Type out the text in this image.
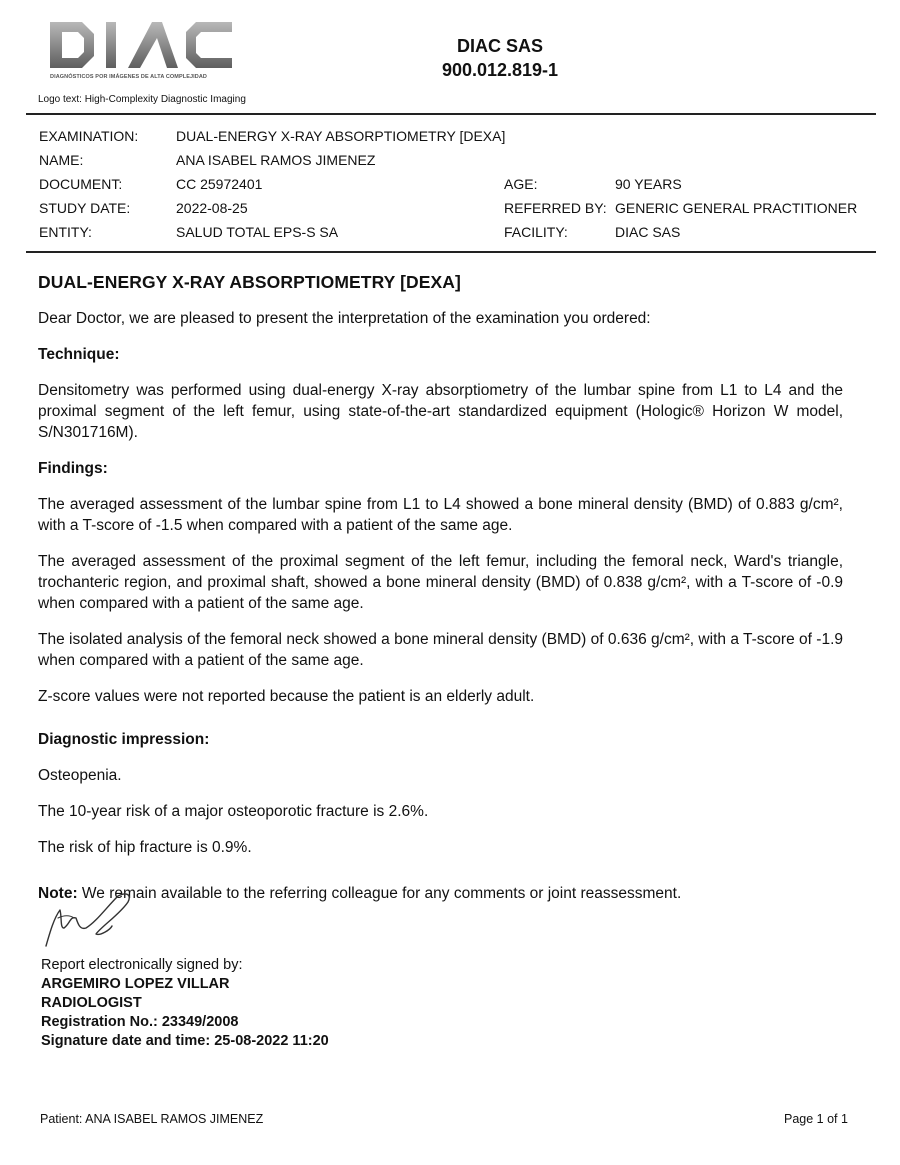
DIAGNÓSTICOS POR IMÁGENES DE ALTA COMPLEJIDAD
Logo text: High-Complexity Diagnostic Imaging
DIAC SAS
900.012.819-1
EXAMINATION:	DUAL-ENERGY X-RAY ABSORPTIOMETRY [DEXA]
NAME:	ANA ISABEL RAMOS JIMENEZ
DOCUMENT:	CC 25972401	AGE:	90 YEARS
STUDY DATE:	2022-08-25	REFERRED BY: GENERIC GENERAL PRACTITIONER
ENTITY:	SALUD TOTAL EPS-S SA	FACILITY:	DIAC SAS
DUAL-ENERGY X-RAY ABSORPTIOMETRY [DEXA]

Dear Doctor, we are pleased to present the interpretation of the examination you ordered:

Technique:

Densitometry was performed using dual-energy X-ray absorptiometry of the lumbar spine from L1 to L4 and the proximal segment of the left femur, using state-of-the-art standardized equipment (Hologic® Horizon W model, S/N301716M).

Findings:

The averaged assessment of the lumbar spine from L1 to L4 showed a bone mineral density (BMD) of 0.883 g/cm², with a T-score of -1.5 when compared with a patient of the same age.

The averaged assessment of the proximal segment of the left femur, including the femoral neck, Ward's triangle, trochanteric region, and proximal shaft, showed a bone mineral density (BMD) of 0.838 g/cm², with a T-score of -0.9 when compared with a patient of the same age.

The isolated analysis of the femoral neck showed a bone mineral density (BMD) of 0.636 g/cm², with a T-score of -1.9 when compared with a patient of the same age.

Z-score values were not reported because the patient is an elderly adult.

Diagnostic impression:

Osteopenia.

The 10-year risk of a major osteoporotic fracture is 2.6%.

The risk of hip fracture is 0.9%.

Note: We remain available to the referring colleague for any comments or joint reassessment.

Report electronically signed by:
ARGEMIRO LOPEZ VILLAR
RADIOLOGIST
Registration No.: 23349/2008
Signature date and time: 25-08-2022 11:20
Patient: ANA ISABEL RAMOS JIMENEZ	Page 1 of 1
